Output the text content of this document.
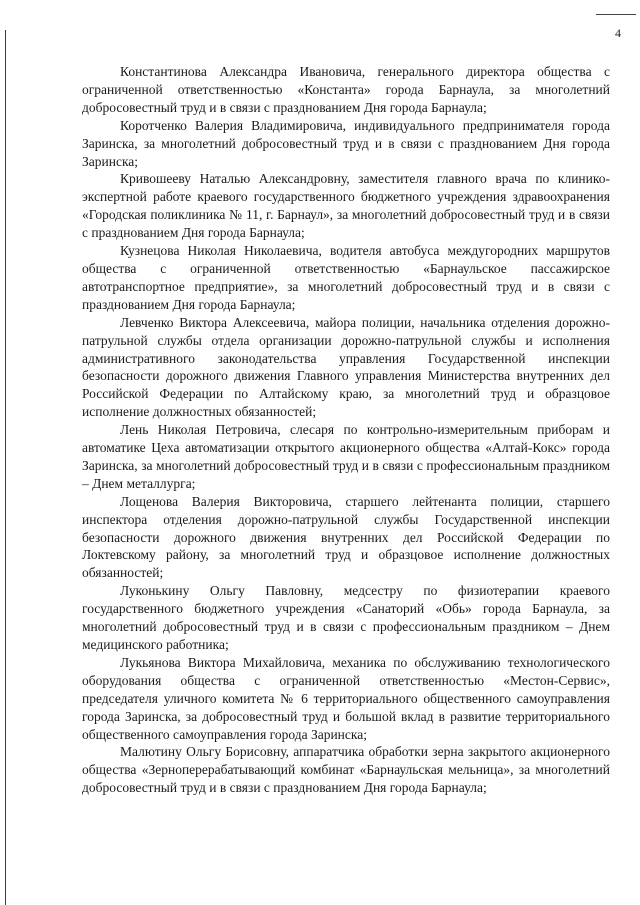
4

Константинова Александра Ивановича, генерального директора общества с ограниченной ответственностью «Константа» города Барнаула, за многолетний добросовестный труд и в связи с празднованием Дня города Барнаула;

Коротченко Валерия Владимировича, индивидуального предпринимателя города Заринска, за многолетний добросовестный труд и в связи с празднованием Дня города Заринска;

Кривошееву Наталью Александровну, заместителя главного врача по клинико-экспертной работе краевого государственного бюджетного учреждения здравоохранения «Городская поликлиника № 11, г. Барнаул», за многолетний добросовестный труд и в связи с празднованием Дня города Барнаула;

Кузнецова Николая Николаевича, водителя автобуса междугородних маршрутов общества с ограниченной ответственностью «Барнаульское пассажирское автотранспортное предприятие», за многолетний добросовестный труд и в связи с празднованием Дня города Барнаула;

Левченко Виктора Алексеевича, майора полиции, начальника отделения дорожно-патрульной службы отдела организации дорожно-патрульной службы и исполнения административного законодательства управления Государственной инспекции безопасности дорожного движения Главного управления Министерства внутренних дел Российской Федерации по Алтайскому краю, за многолетний труд и образцовое исполнение должностных обязанностей;

Лень Николая Петровича, слесаря по контрольно-измерительным приборам и автоматике Цеха автоматизации открытого акционерного общества «Алтай-Кокс» города Заринска, за многолетний добросовестный труд и в связи с профессиональным праздником – Днем металлурга;

Лощенова Валерия Викторовича, старшего лейтенанта полиции, старшего инспектора отделения дорожно-патрульной службы Государственной инспекции безопасности дорожного движения внутренних дел Российской Федерации по Локтевскому району, за многолетний труд и образцовое исполнение должностных обязанностей;

Луконькину Ольгу Павловну, медсестру по физиотерапии краевого государственного бюджетного учреждения «Санаторий «Обь» города Барнаула, за многолетний добросовестный труд и в связи с профессиональным праздником – Днем медицинского работника;

Лукьянова Виктора Михайловича, механика по обслуживанию технологического оборудования общества с ограниченной ответственностью «Местон-Сервис», председателя уличного комитета № 6 территориального общественного самоуправления города Заринска, за добросовестный труд и большой вклад в развитие территориального общественного самоуправления города Заринска;

Малютину Ольгу Борисовну, аппаратчика обработки зерна закрытого акционерного общества «Зерноперерабатывающий комбинат «Барнаульская мельница», за многолетний добросовестный труд и в связи с празднованием Дня города Барнаула;
